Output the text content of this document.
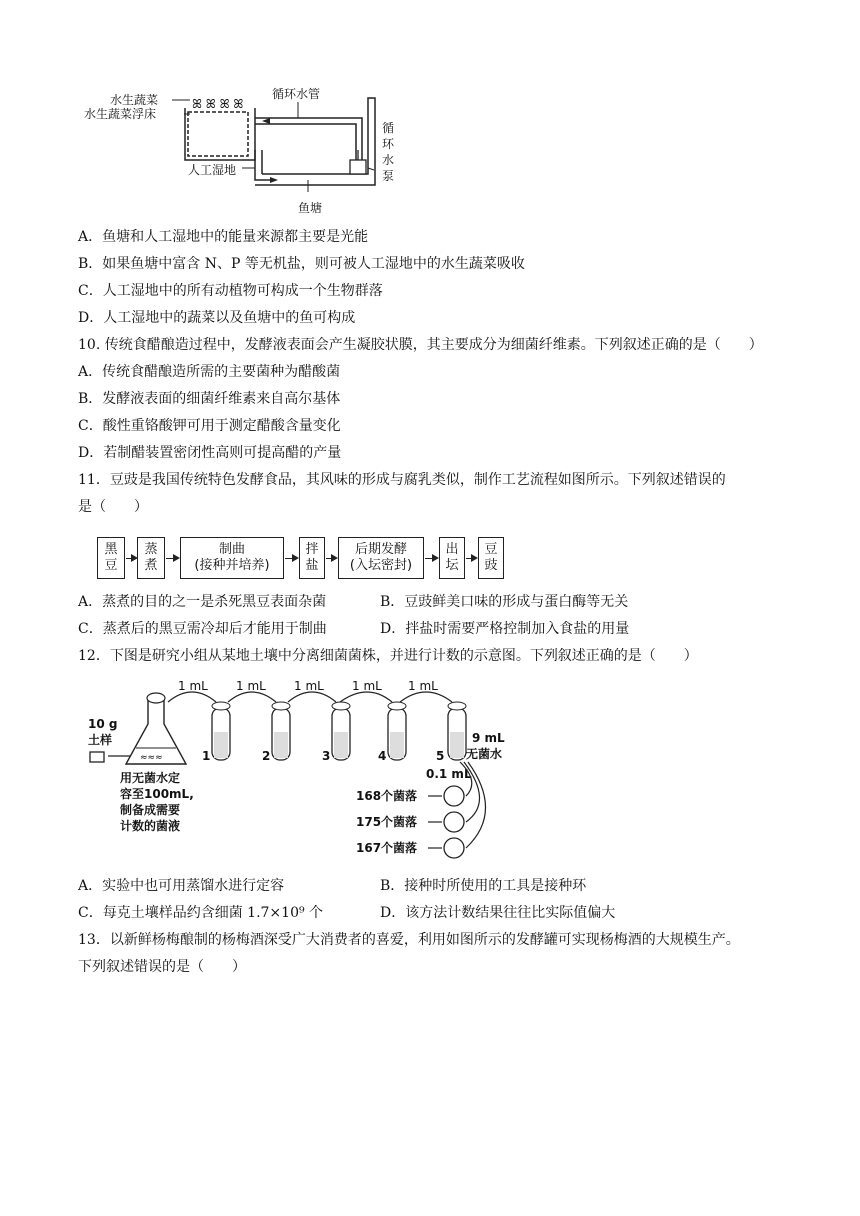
ꕤ ꕤ ꕤ ꕤ
水生蔬菜
水生蔬菜浮床
循环水管
人工湿地
循
环
水
泵
鱼塘
A．鱼塘和人工湿地中的能量来源都主要是光能
B．如果鱼塘中富含 N、P 等无机盐，则可被人工湿地中的水生蔬菜吸收
C．人工湿地中的所有动植物可构成一个生物群落
D．人工湿地中的蔬菜以及鱼塘中的鱼可构成
10. 传统食醋酿造过程中，发酵液表面会产生凝胶状膜，其主要成分为细菌纤维素。下列叙述正确的是（　　）
A．传统食醋酿造所需的主要菌种为醋酸菌
B．发酵液表面的细菌纤维素来自高尔基体
C．酸性重铬酸钾可用于测定醋酸含量变化
D．若制醋装置密闭性高则可提高醋的产量
11．豆豉是我国传统特色发酵食品，其风味的形成与腐乳类似，制作工艺流程如图所示。下列叙述错误的
是（　　）
黑
豆
蒸
煮
制曲
(接种并培养)
拌
盐
后期发酵
(入坛密封)
出
坛
豆
豉
A．蒸煮的目的之一是杀死黑豆表面杂菌	B．豆豉鲜美口味的形成与蛋白酶等无关
C．蒸煮后的黑豆需冷却后才能用于制曲	D．拌盐时需要严格控制加入食盐的用量
12．下图是研究小组从某地土壤中分离细菌菌株，并进行计数的示意图。下列叙述正确的是（　　）
1 mL 1 mL 1 mL 1 mL 1 mL
10 g
土样
≈≈≈
用无菌水定
容至100mL,
制备成需要
计数的菌液
1	2	3	4	5
9 mL
无菌水
0.1 mL
168个菌落
175个菌落
167个菌落
A．实验中也可用蒸馏水进行定容	B．接种时所使用的工具是接种环
C．每克土壤样品约含细菌 1.7×10⁹ 个	D．该方法计数结果往往比实际值偏大
13．以新鲜杨梅酿制的杨梅酒深受广大消费者的喜爱，利用如图所示的发酵罐可实现杨梅酒的大规模生产。
下列叙述错误的是（　　）
